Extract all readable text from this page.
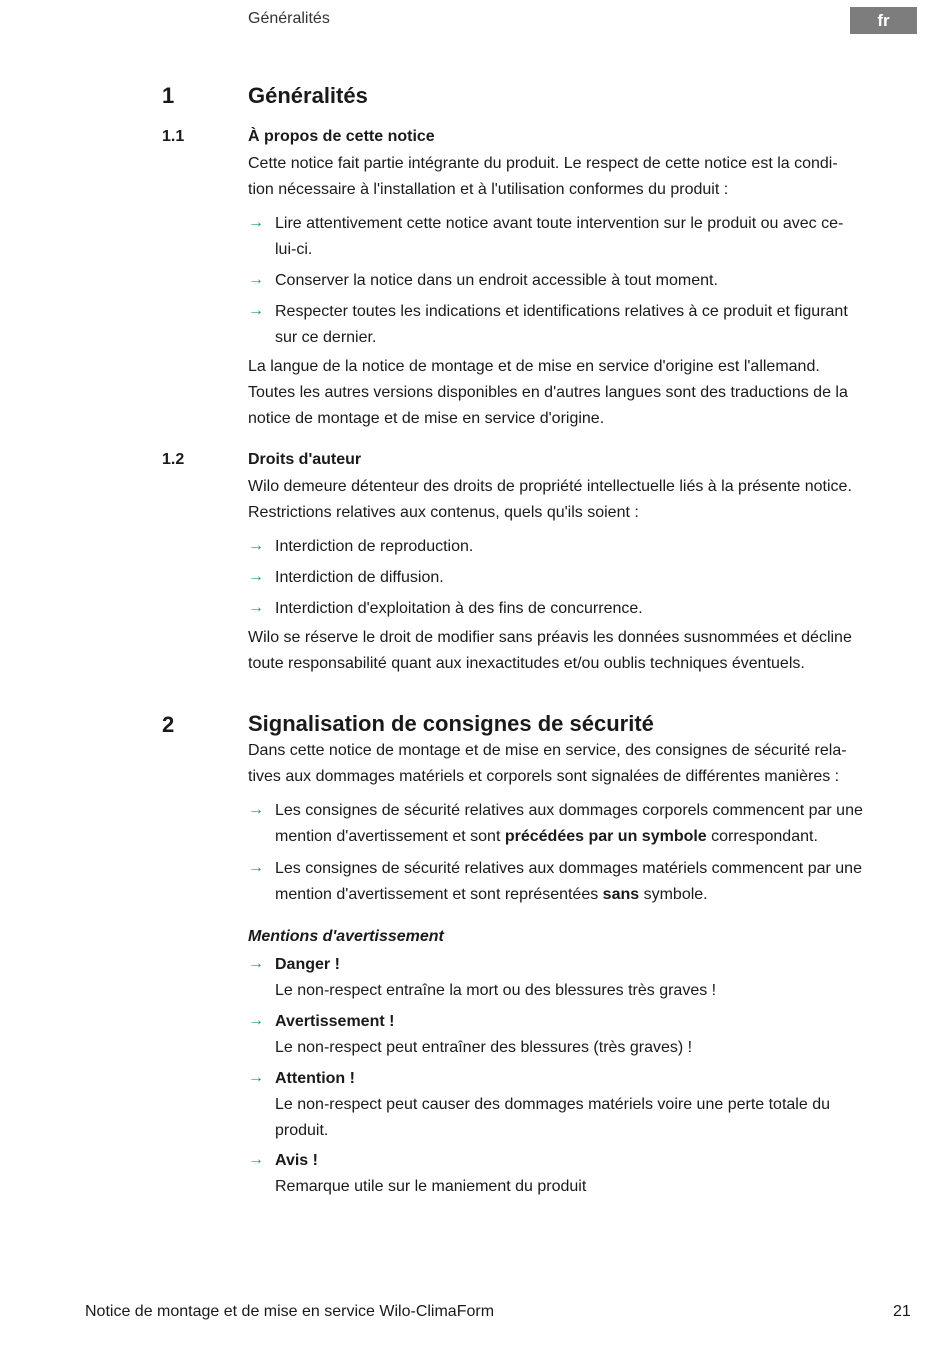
Généralités	fr
1	Généralités
1.1	À propos de cette notice
Cette notice fait partie intégrante du produit. Le respect de cette notice est la condi-
tion nécessaire à l'installation et à l'utilisation conformes du produit :
→ Lire attentivement cette notice avant toute intervention sur le produit ou avec ce-
lui-ci.
→ Conserver la notice dans un endroit accessible à tout moment.
→ Respecter toutes les indications et identifications relatives à ce produit et figurant
sur ce dernier.
La langue de la notice de montage et de mise en service d'origine est l'allemand.
Toutes les autres versions disponibles en d'autres langues sont des traductions de la
notice de montage et de mise en service d'origine.
1.2	Droits d'auteur
Wilo demeure détenteur des droits de propriété intellectuelle liés à la présente notice.
Restrictions relatives aux contenus, quels qu'ils soient :
→ Interdiction de reproduction.
→ Interdiction de diffusion.
→ Interdiction d'exploitation à des fins de concurrence.
Wilo se réserve le droit de modifier sans préavis les données susnommées et décline
toute responsabilité quant aux inexactitudes et/ou oublis techniques éventuels.
2	Signalisation de consignes de sécurité
Dans cette notice de montage et de mise en service, des consignes de sécurité rela-
tives aux dommages matériels et corporels sont signalées de différentes manières :
→ Les consignes de sécurité relatives aux dommages corporels commencent par une
mention d'avertissement et sont précédées par un symbole correspondant.
→ Les consignes de sécurité relatives aux dommages matériels commencent par une
mention d'avertissement et sont représentées sans symbole.
Mentions d'avertissement
→ Danger !
Le non-respect entraîne la mort ou des blessures très graves !
→ Avertissement !
Le non-respect peut entraîner des blessures (très graves) !
→ Attention !
Le non-respect peut causer des dommages matériels voire une perte totale du
produit.
→ Avis !
Remarque utile sur le maniement du produit
Notice de montage et de mise en service Wilo-ClimaForm	21
